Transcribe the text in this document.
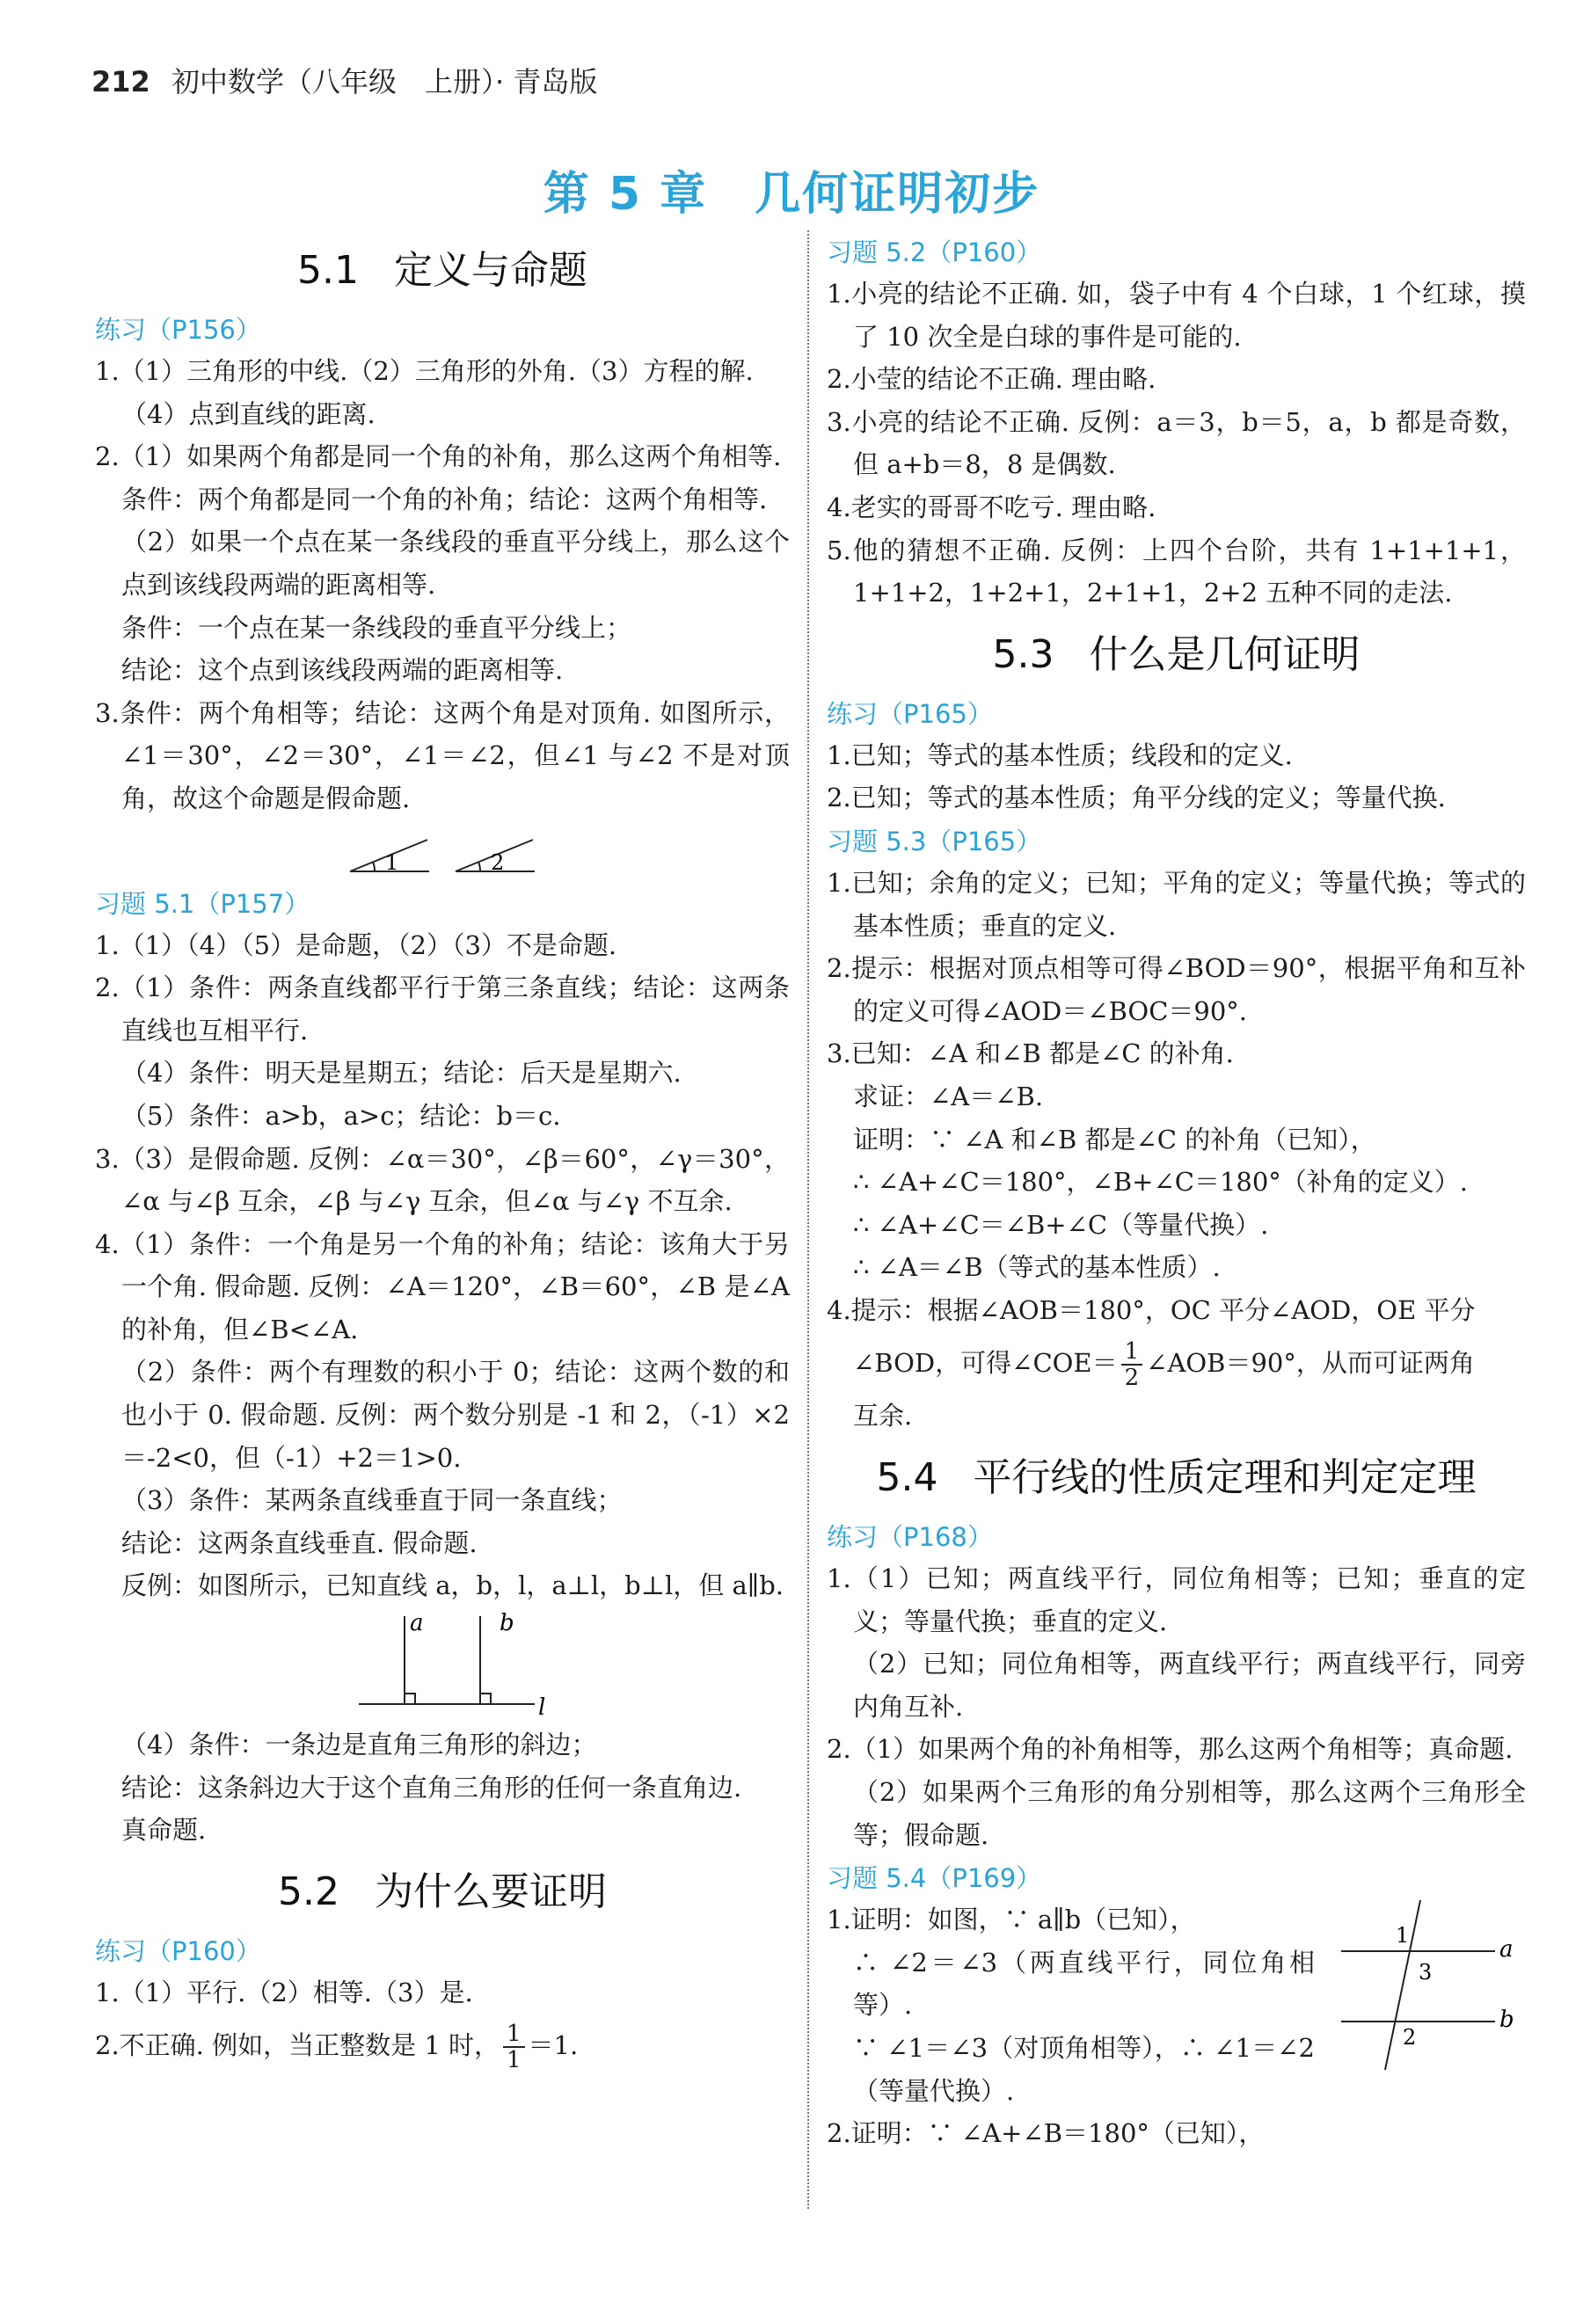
212 初中数学（八年级　上册）· 青岛版
第 5 章　几何证明初步
5.1 定义与命题
练习（P156）

1.（1）三角形的中线.（2）三角形的外角.（3）方程的解.

（4）点到直线的距离.

2.（1）如果两个角都是同一个角的补角，那么这两个角相等.

条件：两个角都是同一个角的补角；结论：这两个角相等.

（2）如果一个点在某一条线段的垂直平分线上，那么这个点到该线段两端的距离相等.

条件：一个点在某一条线段的垂直平分线上；

结论：这个点到该线段两端的距离相等.

3.条件：两个角相等；结论：这两个角是对顶角. 如图所示，∠1＝30°，∠2＝30°，∠1＝∠2，但∠1 与∠2 不是对顶角，故这个命题是假命题.

1	2
习题 5.1（P157）

1.（1）（4）（5）是命题，（2）（3）不是命题.

2.（1）条件：两条直线都平行于第三条直线；结论：这两条直线也互相平行.

（4）条件：明天是星期五；结论：后天是星期六.

（5）条件：a>b，a>c；结论：b＝c.

3.（3）是假命题. 反例：∠α＝30°，∠β＝60°，∠γ＝30°，∠α 与∠β 互余，∠β 与∠γ 互余，但∠α 与∠γ 不互余.

4.（1）条件：一个角是另一个角的补角；结论：该角大于另一个角. 假命题. 反例：∠A＝120°，∠B＝60°，∠B 是∠A 的补角，但∠B<∠A.

（2）条件：两个有理数的积小于 0；结论：这两个数的和也小于 0. 假命题. 反例：两个数分别是 -1 和 2，（-1）×2＝-2<0，但（-1）+2＝1>0.

（3）条件：某两条直线垂直于同一条直线；

结论：这两条直线垂直. 假命题.

反例：如图所示，已知直线 a，b，l，a⊥l，b⊥l，但 a∥b.

a	b
l

（4）条件：一条边是直角三角形的斜边；

结论：这条斜边大于这个直角三角形的任何一条直角边.

真命题.

5.2 为什么要证明
练习（P160）

1.（1）平行.（2）相等.（3）是.

2.不正确. 例如，当正整数是 1 时， $\frac{1}{1} =1$.

习题 5.2（P160）

1.小亮的结论不正确. 如，袋子中有 4 个白球，1 个红球，摸了 10 次全是白球的事件是可能的.

2.小莹的结论不正确. 理由略.

3.小亮的结论不正确. 反例：a＝3，b＝5，a，b 都是奇数，但 a+b＝8，8 是偶数.

4.老实的哥哥不吃亏. 理由略.

5.他的猜想不正确. 反例：上四个台阶，共有 1+1+1+1，1+1+2，1+2+1，2+1+1，2+2 五种不同的走法.

5.3 什么是几何证明
练习（P165）

1.已知；等式的基本性质；线段和的定义.

2.已知；等式的基本性质；角平分线的定义；等量代换.

习题 5.3（P165）

1.已知；余角的定义；已知；平角的定义；等量代换；等式的基本性质；垂直的定义.

2.提示：根据对顶点相等可得∠BOD＝90°，根据平角和互补的定义可得∠AOD＝∠BOC＝90°.

3.已知：∠A 和∠B 都是∠C 的补角.

求证：∠A＝∠B.

证明：∵ ∠A 和∠B 都是∠C 的补角（已知），

∴ ∠A+∠C＝180°，∠B+∠C＝180°（补角的定义）.

∴ ∠A+∠C＝∠B+∠C（等量代换）.

∴ ∠A＝∠B（等式的基本性质）.

4.提示：根据∠AOB＝180°，OC 平分∠AOD，OE 平分

∠BOD，可得∠COE＝ $\frac{1}{2}$ ∠AOB＝90°，从而可证两角

互余.

5.4 平行线的性质定理和判定定理
练习（P168）

1.（1）已知；两直线平行，同位角相等；已知；垂直的定义；等量代换；垂直的定义.

（2）已知；同位角相等，两直线平行；两直线平行，同旁内角互补.

2.（1）如果两个角的补角相等，那么这两个角相等；真命题.

（2）如果两个三角形的角分别相等，那么这两个三角形全等；假命题.

习题 5.4（P169）

1.证明：如图，∵ a∥b（已知），

∴ ∠2＝∠3（两直线平行，同位角相等）.

∵ ∠1＝∠3（对顶角相等），∴ ∠1＝∠2（等量代换）.

1
3
2
a
b

2.证明：∵ ∠A+∠B＝180°（已知），
